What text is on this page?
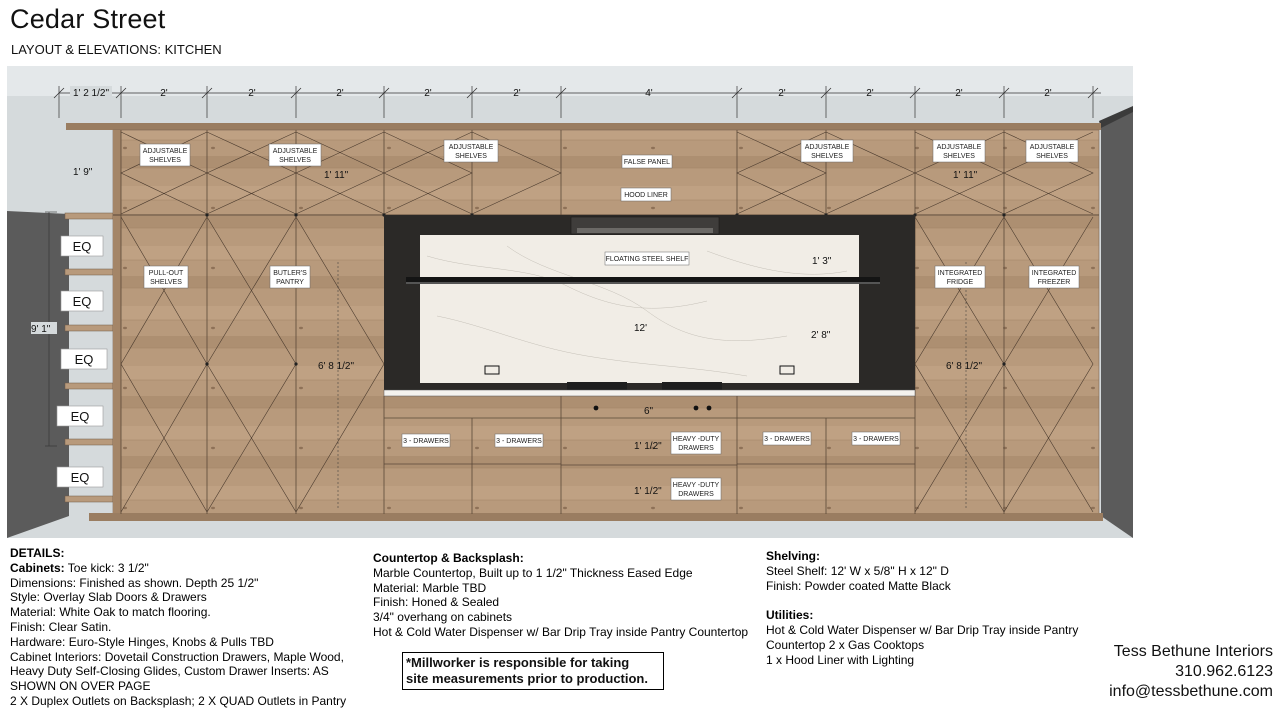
Cedar Street
LAYOUT & ELEVATIONS: KITCHEN
1' 2 1/2"	2'	2'	2'	2'	2'	4'	2'	2'	2'	2'
1' 9"	1' 11"	1' 11"
9' 1"
6' 8 1/2"	6' 8 1/2"
1' 3"
2' 8"
12'
6"
1' 1/2"
1' 1/2"
EQ
EQ
EQ
EQ
EQ
ADJUSTABLE
SHELVES
ADJUSTABLE
SHELVES
ADJUSTABLE
SHELVES
FALSE PANEL
HOOD LINER
ADJUSTABLE
SHELVES
ADJUSTABLE
SHELVES
ADJUSTABLE
SHELVES
FLOATING STEEL SHELF
PULL-OUT
SHELVES
BUTLER'S
PANTRY
INTEGRATED
FRIDGE
INTEGRATED
FREEZER
3 - DRAWERS	3 - DRAWERS	HEAVY -DUTY
DRAWERS
3 - DRAWERS	3 - DRAWERS
HEAVY -DUTY
DRAWERS
DETAILS:
Cabinets: Toe kick: 3 1/2"
Dimensions: Finished as shown. Depth 25 1/2"
Style: Overlay Slab Doors & Drawers
Material: White Oak to match flooring.
Finish: Clear Satin.
Hardware: Euro-Style Hinges, Knobs & Pulls TBD
Cabinet Interiors: Dovetail Construction Drawers, Maple Wood,
Heavy Duty Self-Closing Glides, Custom Drawer Inserts: AS
SHOWN ON OVER PAGE
2 X Duplex Outlets on Backsplash; 2 X QUAD Outlets in Pantry
Countertop & Backsplash:
Marble Countertop, Built up to 1 1/2" Thickness Eased Edge
Material: Marble TBD
Finish: Honed & Sealed
3/4" overhang on cabinets
Hot & Cold Water Dispenser w/ Bar Drip Tray inside Pantry Countertop
*Millworker is responsible for taking
site measurements prior to production.
Shelving:
Steel Shelf: 12' W x 5/8" H x 12" D
Finish: Powder coated Matte Black
Utilities:
Hot & Cold Water Dispenser w/ Bar Drip Tray inside Pantry
Countertop 2 x Gas Cooktops
1 x Hood Liner with Lighting	Tess Bethune Interiors
310.962.6123
info@tessbethune.com
